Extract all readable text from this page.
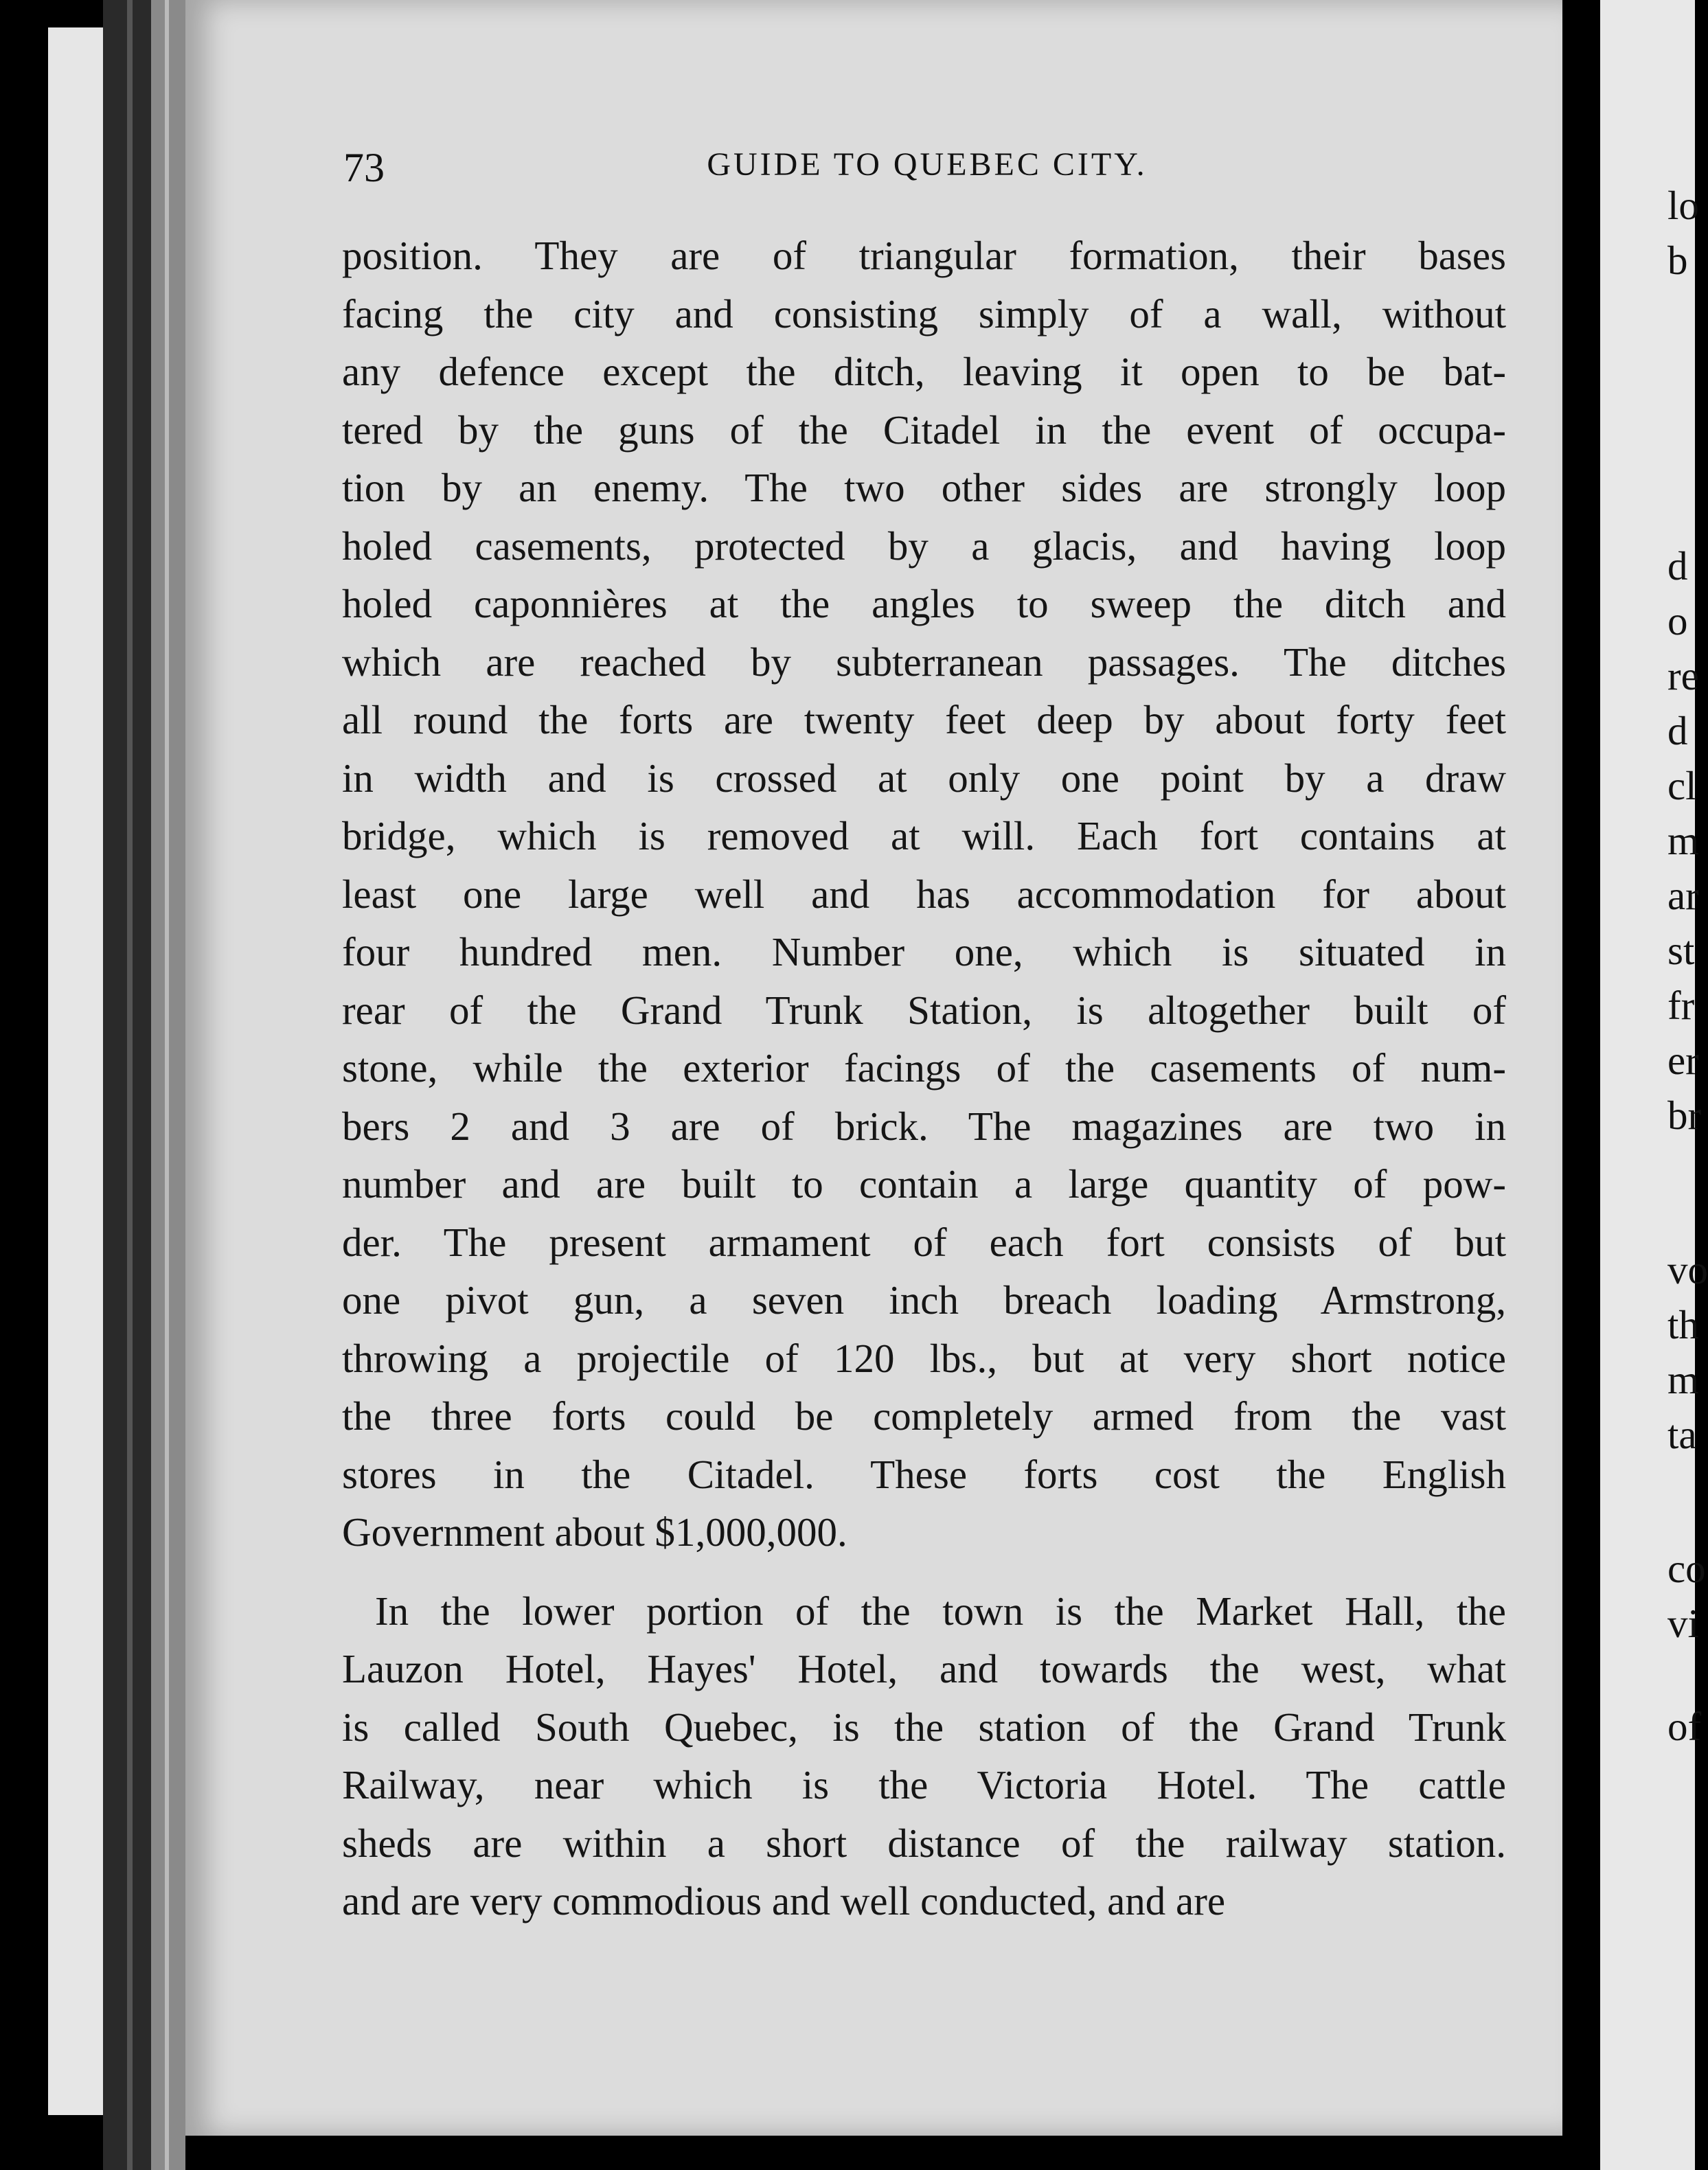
73	GUIDE TO QUEBEC CITY.
position. They are of triangular formation, their bases
facing the city and consisting simply of a wall, without
any defence except the ditch, leaving it open to be bat-
tered by the guns of the Citadel in the event of occupa-
tion by an enemy. The two other sides are strongly loop
holed casements, protected by a glacis, and having loop
holed caponnières at the angles to sweep the ditch and
which are reached by subterranean passages. The ditches
all round the forts are twenty feet deep by about forty feet
in width and is crossed at only one point by a draw
bridge, which is removed at will. Each fort contains at
least one large well and has accommodation for about
four hundred men. Number one, which is situated in
rear of the Grand Trunk Station, is altogether built of
stone, while the exterior facings of the casements of num-
bers 2 and 3 are of brick. The magazines are two in
number and are built to contain a large quantity of pow-
der. The present armament of each fort consists of but
one pivot gun, a seven inch breach loading Armstrong,
throwing a projectile of 120 lbs., but at very short notice
the three forts could be completely armed from the vast
stores in the Citadel. These forts cost the English
Government about $1,000,000.
In the lower portion of the town is the Market Hall, the
Lauzon Hotel, Hayes' Hotel, and towards the west, what
is called South Quebec, is the station of the Grand Trunk
Railway, near which is the Victoria Hotel. The cattle
sheds are within a short distance of the railway station.
and are very commodious and well conducted, and are
lo
b
d
o
re
d
cl
m
ar
st
fr
er
br
vo
th
m
ta
co
vi
of
